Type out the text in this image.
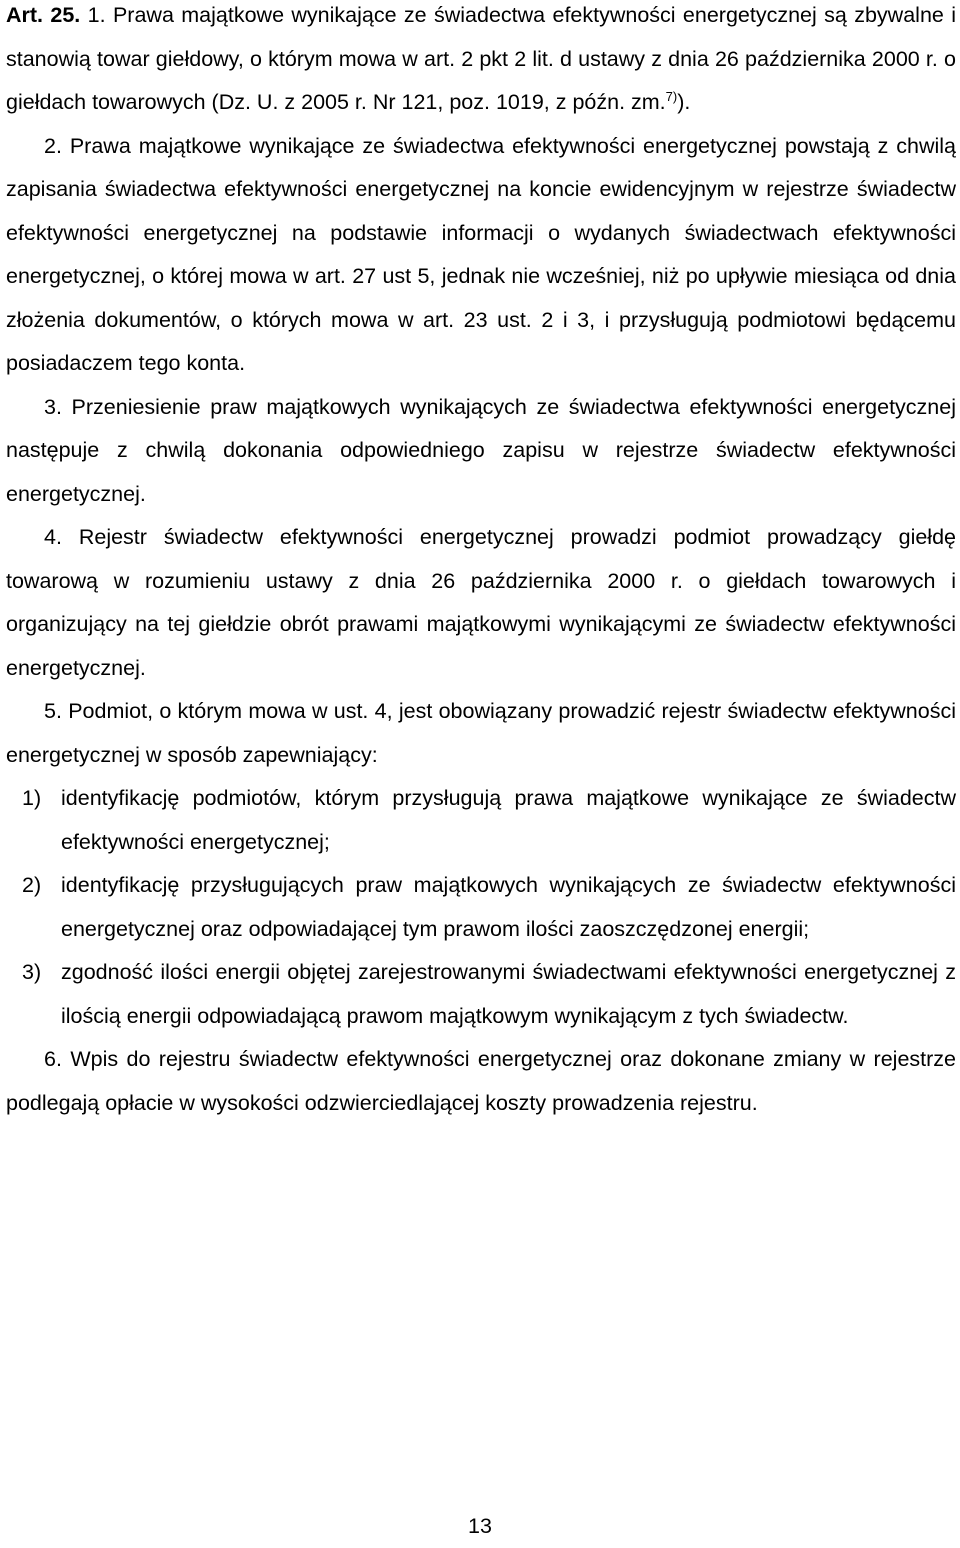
Art. 25. 1. Prawa majątkowe wynikające ze świadectwa efektywności energetycznej są zbywalne i stanowią towar giełdowy, o którym mowa w art. 2 pkt 2 lit. d ustawy z dnia 26 października 2000 r. o giełdach towarowych (Dz. U. z 2005 r. Nr 121, poz. 1019, z późn. zm.$^{7)}$).

2. Prawa majątkowe wynikające ze świadectwa efektywności energetycznej powstają z chwilą zapisania świadectwa efektywności energetycznej na koncie ewidencyjnym w rejestrze świadectw efektywności energetycznej na podstawie informacji o wydanych świadectwach efektywności energetycznej, o której mowa w art. 27 ust 5, jednak nie wcześniej, niż po upływie miesiąca od dnia złożenia dokumentów, o których mowa w art. 23 ust. 2 i 3, i przysługują podmiotowi będącemu posiadaczem tego konta.

3. Przeniesienie praw majątkowych wynikających ze świadectwa efektywności energetycznej następuje z chwilą dokonania odpowiedniego zapisu w rejestrze świadectw efektywności energetycznej.

4. Rejestr świadectw efektywności energetycznej prowadzi podmiot prowadzący giełdę towarową w rozumieniu ustawy z dnia 26 października 2000 r. o giełdach towarowych i organizujący na tej giełdzie obrót prawami majątkowymi wynikającymi ze świadectw efektywności energetycznej.

5. Podmiot, o którym mowa w ust. 4, jest obowiązany prowadzić rejestr świadectw efektywności energetycznej w sposób zapewniający:

1) identyfikację podmiotów, którym przysługują prawa majątkowe wynikające ze świadectw efektywności energetycznej;

2) identyfikację przysługujących praw majątkowych wynikających ze świadectw efektywności energetycznej oraz odpowiadającej tym prawom ilości zaoszczędzonej energii;

3) zgodność ilości energii objętej zarejestrowanymi świadectwami efektywności energetycznej z ilością energii odpowiadającą prawom majątkowym wynikającym z tych świadectw.

6. Wpis do rejestru świadectw efektywności energetycznej oraz dokonane zmiany w rejestrze podlegają opłacie w wysokości odzwierciedlającej koszty prowadzenia rejestru.

13
